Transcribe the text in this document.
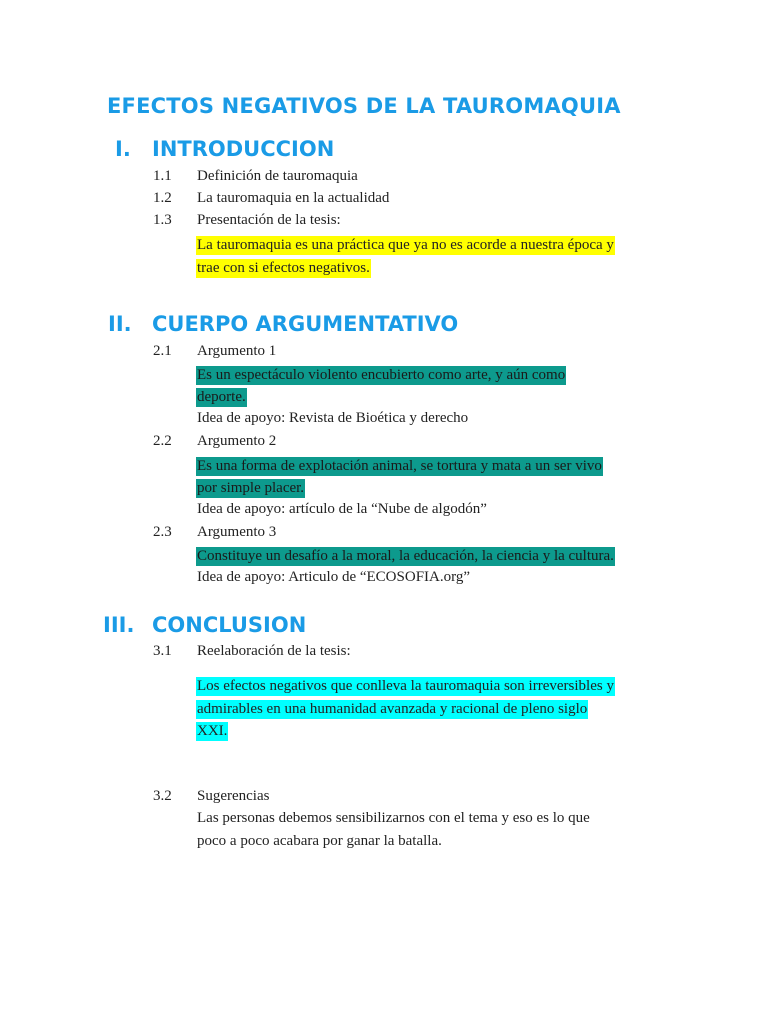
EFECTOS NEGATIVOS DE LA TAUROMAQUIA
I. INTRODUCCION
1.1 Definición de tauromaquia
1.2 La tauromaquia en la actualidad
1.3 Presentación de la tesis:
La tauromaquia es una práctica que ya no es acorde a nuestra época y
trae con si efectos negativos.
II. CUERPO ARGUMENTATIVO
2.1 Argumento 1
Es un espectáculo violento encubierto como arte, y aún como
deporte.
Idea de apoyo: Revista de Bioética y derecho
2.2 Argumento 2
Es una forma de explotación animal, se tortura y mata a un ser vivo
por simple placer.
Idea de apoyo: artículo de la “Nube de algodón”
2.3 Argumento 3
Constituye un desafío a la moral, la educación, la ciencia y la cultura.
Idea de apoyo: Articulo de “ECOSOFIA.org”
III. CONCLUSION
3.1 Reelaboración de la tesis:
Los efectos negativos que conlleva la tauromaquia son irreversibles y
admirables en una humanidad avanzada y racional de pleno siglo
XXI.
3.2 Sugerencias
Las personas debemos sensibilizarnos con el tema y eso es lo que
poco a poco acabara por ganar la batalla.
